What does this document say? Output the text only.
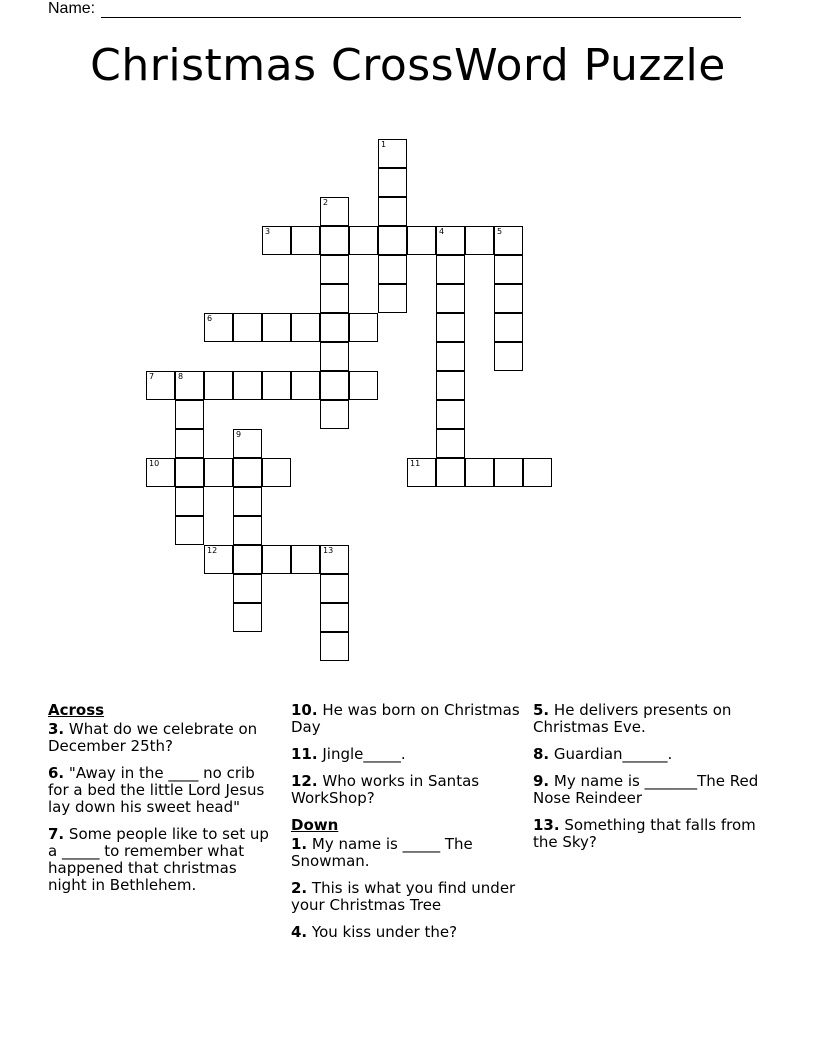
Name:
Christmas CrossWord Puzzle
1
2
3	4	5
6
7	8
9
10	11
12	13
Across
3. What do we celebrate on December 25th?
6. "Away in the ____ no crib for a bed the little Lord Jesus lay down his sweet head"
7. Some people like to set up a _____ to remember what happened that christmas night in Bethlehem.
10. He was born on Christmas Day
11. Jingle_____.
12. Who works in Santas WorkShop?
Down
1. My name is _____ The Snowman.
2. This is what you find under your Christmas Tree
4. You kiss under the?
5. He delivers presents on Christmas Eve.
8. Guardian______.
9. My name is _______The Red Nose Reindeer
13. Something that falls from the Sky?
